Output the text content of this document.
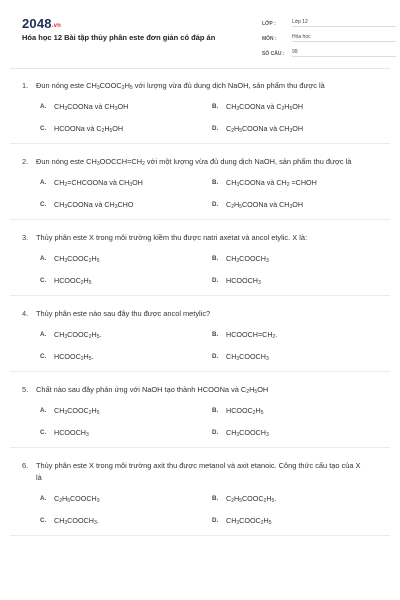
2048.vn
Hóa học 12 Bài tập thủy phân este đơn giản có đáp án
LỚP :	Lớp 12
MÔN :	Hóa học
SỐ CÂU :	99
1.	Đun nóng este $CH_3COOC_2H_5$ với lượng vừa đủ dung dịch NaOH, sản phẩm thu được là
A.	$CH_3COONa$ và $CH_3OH$	B.	$CH_3COONa$ và $C_2H_5OH$
C.	HCOONa và $C_2H_5OH$	D.	$C_2H_5COONa$ và $CH_3OH$
2.	Đun nóng este $CH_3OOCCH=CH_2$ với một lượng vừa đủ dung dịch NaOH, sản phẩm thu được là
A.	$CH_2=CHCOONa$ và $CH_3OH$	B.	$CH_3COONa$ và $CH_2$ =CHOH
C.	$CH_3COONa$ và $CH_3CHO$	D.	$C_2H_5COONa$ và $CH_3OH$
3.	Thủy phân este X trong môi trường kiềm thu được natri axetat và ancol etylic. X là:
A.	$CH_3COOC_2H_5$	B.	$CH_3COOCH_3$
C.	$HCOOC_2H_5$	D.	$HCOOCH_3$
4.	Thủy phân este nào sau đây thu được ancol metylic?
A.	$CH_3COOC_2H_5$.	B.	$HCOOCH=CH_2$.
C.	$HCOOC_2H_5$.	D.	$CH_3COOCH_3$
5.	Chất nào sau đây phản ứng với NaOH tạo thành HCOONa và $C_2H_5OH$
A.	$CH_3COOC_2H_5$	B.	$HCOOC_2H_5$
C.	$HCOOCH_3$	D.	$CH_3COOCH_3$
6.	Thủy phân este X trong môi trường axit thu được metanol và axit etanoic. Công thức cấu tạo của X là
A.	$C_2H_5COOCH_3$	B.	$C_2H_5COOC_2H_5$.
C.	$CH_3COOCH_3$.	D.	$CH_3COOC_2H_5$
